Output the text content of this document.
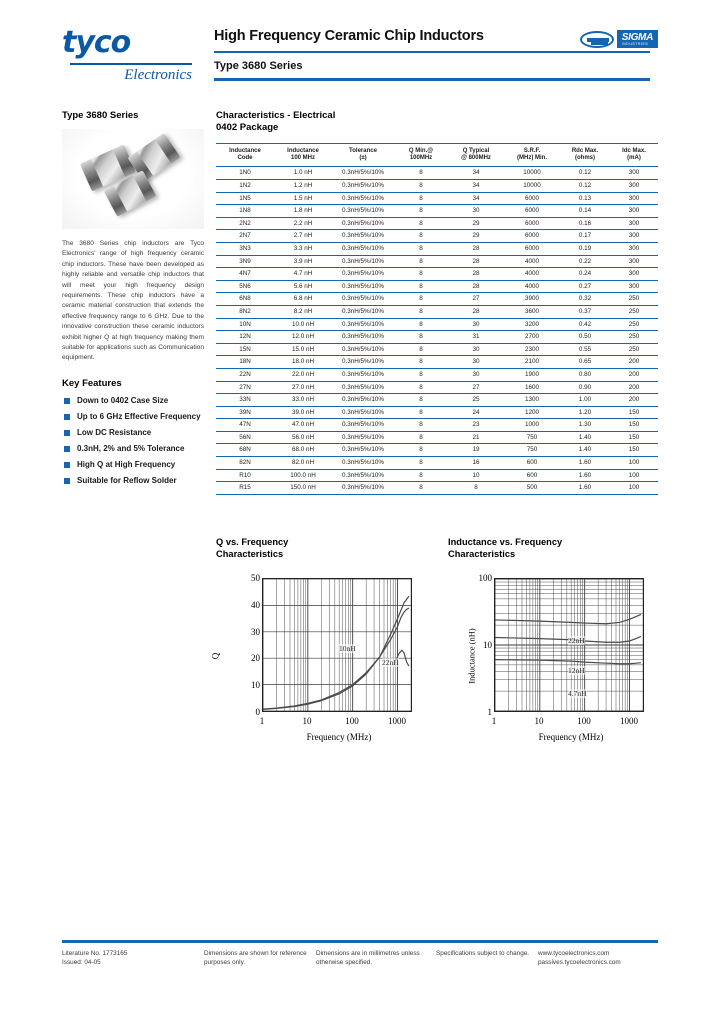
tyco
Electronics
High Frequency Ceramic Chip Inductors
Type 3680 Series
SIGMA
INDUSTRIES
Type 3680 Series
The 3680 Series chip inductors are Tyco Electronics' range of high frequency ceramic chip inductors. These have been developed as highly reliable and versatile chip inductors that will meet your high frequency design requirements. These chip inductors have a ceramic material construction that extends the effective frequency range to 6 GHz. Due to the innovative construction these ceramic inductors exhibit higher Q at high frequency making them suitable for applications such as Communication equipment.
Key Features
Down to 0402 Case Size
Up to 6 GHz Effective Frequency
Low DC Resistance
0.3nH, 2% and 5% Tolerance
High Q at High Frequency
Suitable for Reflow Solder
Characteristics - Electrical
0402 Package
Inductance
Code

Inductance
100 MHz

Tolerance
(±)

Q Min.@
100MHz

Q Typical
@ 800MHz

S.R.F.
(MHz) Min.

Rdc Max.
(ohms)

Idc Max.
(mA)

1N0	1.0 nH	0.3nH/5%/10%	8	34	10000	0.12	300
1N2	1.2 nH	0.3nH/5%/10%	8	34	10000	0.12	300
1N5	1.5 nH	0.3nH/5%/10%	8	34	6000	0.13	300
1N8	1.8 nH	0.3nH/5%/10%	8	30	6000	0.14	300
2N2	2.2 nH	0.3nH/5%/10%	8	29	6000	0.16	300
2N7	2.7 nH	0.3nH/5%/10%	8	29	6000	0.17	300
3N3	3.3 nH	0.3nH/5%/10%	8	28	6000	0.19	300
3N9	3.9 nH	0.3nH/5%/10%	8	28	4000	0.22	300
4N7	4.7 nH	0.3nH/5%/10%	8	28	4000	0.24	300
5N6	5.6 nH	0.3nH/5%/10%	8	28	4000	0.27	300
6N8	6.8 nH	0.3nH/5%/10%	8	27	3900	0.32	250
8N2	8.2 nH	0.3nH/5%/10%	8	28	3600	0.37	250
10N	10.0 nH	0.3nH/5%/10%	8	30	3200	0.42	250
12N	12.0 nH	0.3nH/5%/10%	8	31	2700	0.50	250
15N	15.0 nH	0.3nH/5%/10%	8	30	2300	0.55	250
18N	18.0 nH	0.3nH/5%/10%	8	30	2100	0.65	200
22N	22.0 nH	0.3nH/5%/10%	8	30	1900	0.80	200
27N	27.0 nH	0.3nH/5%/10%	8	27	1600	0.90	200
33N	33.0 nH	0.3nH/5%/10%	8	25	1300	1.00	200
39N	39.0 nH	0.3nH/5%/10%	8	24	1200	1.20	150
47N	47.0 nH	0.3nH/5%/10%	8	23	1000	1.30	150
56N	56.0 nH	0.3nH/5%/10%	8	21	750	1.40	150
68N	68.0 nH	0.3nH/5%/10%	8	19	750	1.40	150
82N	82.0 nH	0.3nH/5%/10%	8	16	600	1.60	100
R10	100.0 nH	0.3nH/5%/10%	8	10	600	1.60	100
R15	150.0 nH	0.3nH/5%/10%	8	8	500	1.60	100
Q vs. Frequency
Characteristics
Q
Frequency (MHz)
50
40
30
20
10
0
1	10	100	1000
10nH
22nH
Inductance vs. Frequency
Characteristics
Inductance (nH)
Frequency (MHz)
100
10
1
1	10	100	1000
22nH
12nH
4.7nH
Literature No. 1773165
Issued: 04-05
Dimensions are shown for reference purposes only.
Dimensions are in millimetres unless otherwise specified.
Specifications subject to change.	www.tycoelectronics.com
passives.tycoelectronics.com
